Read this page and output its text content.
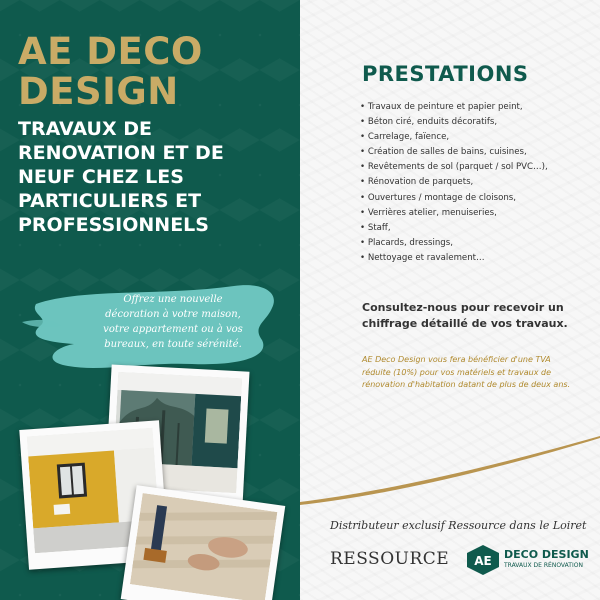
AE DECO
DESIGN
TRAVAUX DE
RENOVATION ET DE
NEUF CHEZ LES
PARTICULIERS ET
PROFESSIONNELS
Offrez une nouvelle
décoration à votre maison,
votre appartement ou à vos
bureaux, en toute sérénité.
PRESTATIONS
• Travaux de peinture et papier peint,
• Béton ciré, enduits décoratifs,
• Carrelage, faïence,
• Création de salles de bains, cuisines,
• Revêtements de sol (parquet / sol PVC…),
• Rénovation de parquets,
• Ouvertures / montage de cloisons,
• Verrières atelier, menuiseries,
• Staff,
• Placards, dressings,
• Nettoyage et ravalement…
Consultez-nous pour recevoir un
chiffrage détaillé de vos travaux.
AE Deco Design vous fera bénéficier d'une TVA
réduite (10%) pour vos matériels et travaux de
rénovation d'habitation datant de plus de deux ans.
Distributeur exclusif Ressource dans le Loiret
RESSOURCE AE DECO DESIGN
TRAVAUX DE RÉNOVATION
